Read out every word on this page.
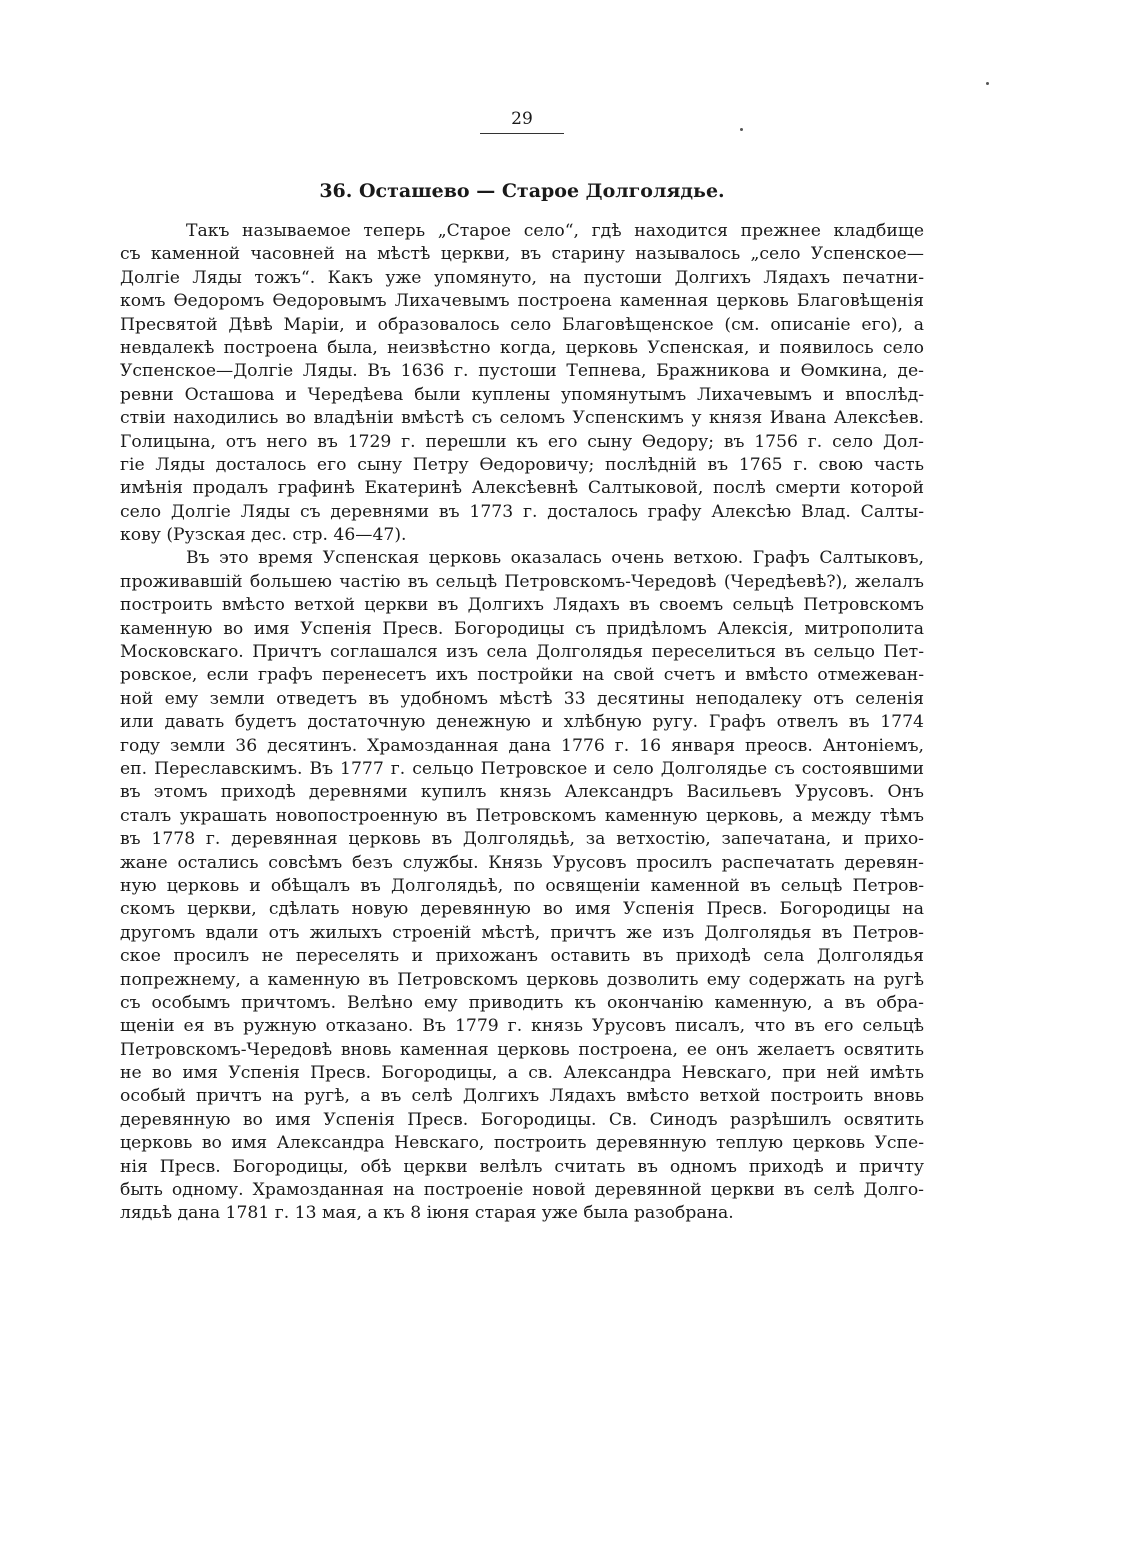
29
36. Осташево — Старое Долголядье.
Такъ называемое теперь „Старое село“, гдѣ находится прежнее кладбище
съ каменной часовней на мѣстѣ церкви, въ старину называлось „село Успенское—
Долгіе Ляды тожъ“. Какъ уже упомянуто, на пустоши Долгихъ Лядахъ печатни-
комъ Ѳедоромъ Ѳедоровымъ Лихачевымъ построена каменная церковь Благовѣщенія
Пресвятой Дѣвѣ Маріи, и образовалось село Благовѣщенское (см. описаніе его), а
невдалекѣ построена была, неизвѣстно когда, церковь Успенская, и появилось село
Успенское—Долгіе Ляды. Въ 1636 г. пустоши Тепнева, Бражникова и Ѳомкина, де-
ревни Осташова и Чередѣева были куплены упомянутымъ Лихачевымъ и впослѣд-
ствіи находились во владѣніи вмѣстѣ съ селомъ Успенскимъ у князя Ивана Алексѣев.
Голицына, отъ него въ 1729 г. перешли къ его сыну Ѳедору; въ 1756 г. село Дол-
гіе Ляды досталось его сыну Петру Ѳедоровичу; послѣдній въ 1765 г. свою часть
имѣнія продалъ графинѣ Екатеринѣ Алексѣевнѣ Салтыковой, послѣ смерти которой
село Долгіе Ляды съ деревнями въ 1773 г. досталось графу Алексѣю Влад. Салты-
кову (Рузская дес. стр. 46—47).
Въ это время Успенская церковь оказалась очень ветхою. Графъ Салтыковъ,
проживавшій большею частію въ сельцѣ Петровскомъ-Чередовѣ (Чередѣевѣ?), желалъ
построить вмѣсто ветхой церкви въ Долгихъ Лядахъ въ своемъ сельцѣ Петровскомъ
каменную во имя Успенія Пресв. Богородицы съ придѣломъ Алексія, митрополита
Московскаго. Причтъ соглашался изъ села Долголядья переселиться въ сельцо Пет-
ровское, если графъ перенесетъ ихъ постройки на свой счетъ и вмѣсто отмежеван-
ной ему земли отведетъ въ удобномъ мѣстѣ 33 десятины неподалеку отъ селенія
или давать будетъ достаточную денежную и хлѣбную ругу. Графъ отвелъ въ 1774
году земли 36 десятинъ. Храмозданная дана 1776 г. 16 января преосв. Антоніемъ,
еп. Переславскимъ. Въ 1777 г. сельцо Петровское и село Долголядье съ состоявшими
въ этомъ приходѣ деревнями купилъ князь Александръ Васильевъ Урусовъ. Онъ
сталъ украшать новопостроенную въ Петровскомъ каменную церковь, а между тѣмъ
въ 1778 г. деревянная церковь въ Долголядьѣ, за ветхостію, запечатана, и прихо-
жане остались совсѣмъ безъ службы. Князь Урусовъ просилъ распечатать деревян-
ную церковь и обѣщалъ въ Долголядьѣ, по освященіи каменной въ сельцѣ Петров-
скомъ церкви, сдѣлать новую деревянную во имя Успенія Пресв. Богородицы на
другомъ вдали отъ жилыхъ строеній мѣстѣ, причтъ же изъ Долголядья въ Петров-
ское просилъ не переселять и прихожанъ оставить въ приходѣ села Долголядья
попрежнему, а каменную въ Петровскомъ церковь дозволить ему содержать на ругѣ
съ особымъ причтомъ. Велѣно ему приводить къ окончанію каменную, а въ обра-
щеніи ея въ ружную отказано. Въ 1779 г. князь Урусовъ писалъ, что въ его сельцѣ
Петровскомъ-Чередовѣ вновь каменная церковь построена, ее онъ желаетъ освятить
не во имя Успенія Пресв. Богородицы, а св. Александра Невскаго, при ней имѣть
особый причтъ на ругѣ, а въ селѣ Долгихъ Лядахъ вмѣсто ветхой построить вновь
деревянную во имя Успенія Пресв. Богородицы. Св. Синодъ разрѣшилъ освятить
церковь во имя Александра Невскаго, построить деревянную теплую церковь Успе-
нія Пресв. Богородицы, обѣ церкви велѣлъ считать въ одномъ приходѣ и причту
быть одному. Храмозданная на построеніе новой деревянной церкви въ селѣ Долго-
лядьѣ дана 1781 г. 13 мая, а къ 8 іюня старая уже была разобрана.
